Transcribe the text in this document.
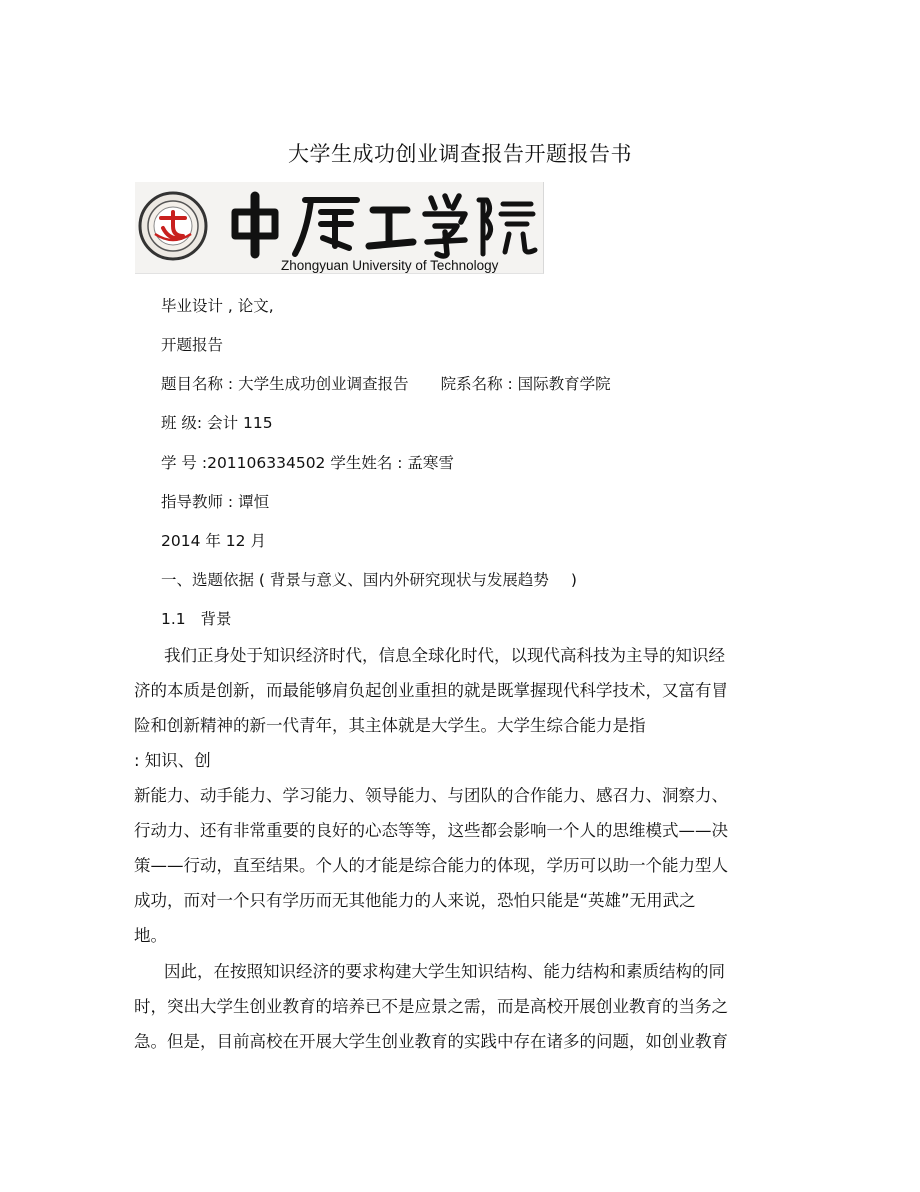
大学生成功创业调查报告开题报告书
Zhongyuan University of Technology
毕业设计 , 论文,
开题报告
题目名称 : 大学生成功创业调查报告 院系名称 : 国际教育学院
班 级: 会计 115
学 号 :201106334502 学生姓名 : 孟寒雪
指导教师 : 谭恒
2014 年 12 月
一、选题依据 ( 背景与意义、国内外研究现状与发展趋势 )
1.1 背景
我们正身处于知识经济时代，信息全球化时代，以现代高科技为主导的知识经
济的本质是创新，而最能够肩负起创业重担的就是既掌握现代科学技术，又富有冒
险和创新精神的新一代青年，其主体就是大学生。大学生综合能力是指
: 知识、创
新能力、动手能力、学习能力、领导能力、与团队的合作能力、感召力、洞察力、
行动力、还有非常重要的良好的心态等等，这些都会影响一个人的思维模式——决
策——行动，直至结果。个人的才能是综合能力的体现，学历可以助一个能力型人
成功，而对一个只有学历而无其他能力的人来说，恐怕只能是“英雄”无用武之
地。
因此，在按照知识经济的要求构建大学生知识结构、能力结构和素质结构的同
时，突出大学生创业教育的培养已不是应景之需，而是高校开展创业教育的当务之
急。但是，目前高校在开展大学生创业教育的实践中存在诸多的问题，如创业教育
